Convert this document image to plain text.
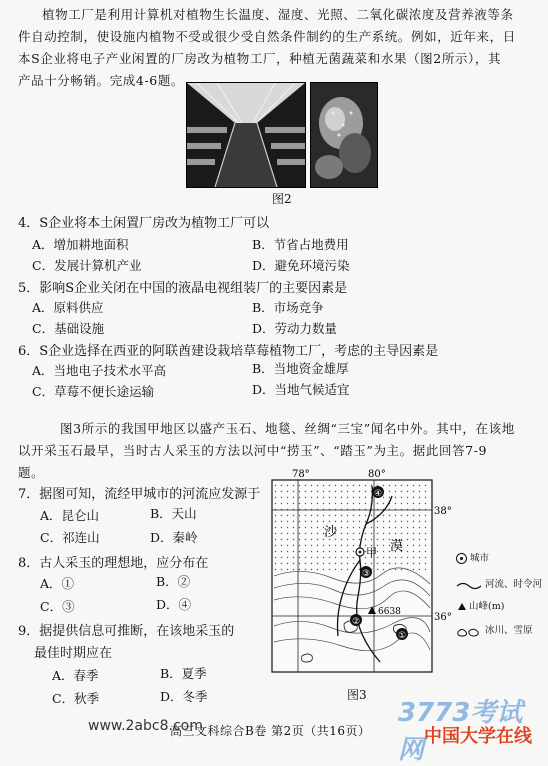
植物工厂是利用计算机对植物生长温度、湿度、光照、二氧化碳浓度及营养液等条
件自动控制，使设施内植物不受或很少受自然条件制约的生产系统。例如，近年来，日
本S企业将电子产业闲置的厂房改为植物工厂，种植无菌蔬菜和水果（图2所示），其
产品十分畅销。完成4-6题。
图2
4．S企业将本土闲置厂房改为植物工厂可以
A．增加耕地面积	B．节省占地费用
C．发展计算机产业	D．避免环境污染
5．影响S企业关闭在中国的液晶电视组装厂的主要因素是
A．原料供应	B．市场竞争
C．基础设施	D．劳动力数量
6．S企业选择在西亚的阿联酋建设栽培草莓植物工厂，考虑的主导因素是
A．当地电子技术水平高	B．当地资金雄厚
C．草莓不便长途运输	D．当地气候适宜
图3所示的我国甲地区以盛产玉石、地毯、丝绸“三宝”闻名中外。其中，在该地
以开采玉石最早，当时古人采玉的方法以河中“捞玉”、“踏玉”为主。据此回答7-9
题。
7．据图可知，流经甲城市的河流应发源于
A．昆仑山	B．天山
C．祁连山	D．秦岭
8．古人采玉的理想地，应分布在
A．①	B．②
C．③	D．④
9．据提供信息可推断，在该地采玉的
最佳时期应在
A．春季	B．夏季
C．秋季	D．冬季
78°	80°
38°
36°
沙
漠
甲
6638
①
②
③
④
图3
城市
河流、时令河
山峰(m)
冰川、雪原
高三文科综合B卷 第2页（共16页）
www.2abc8.com	3773考试网 中国大学在线
